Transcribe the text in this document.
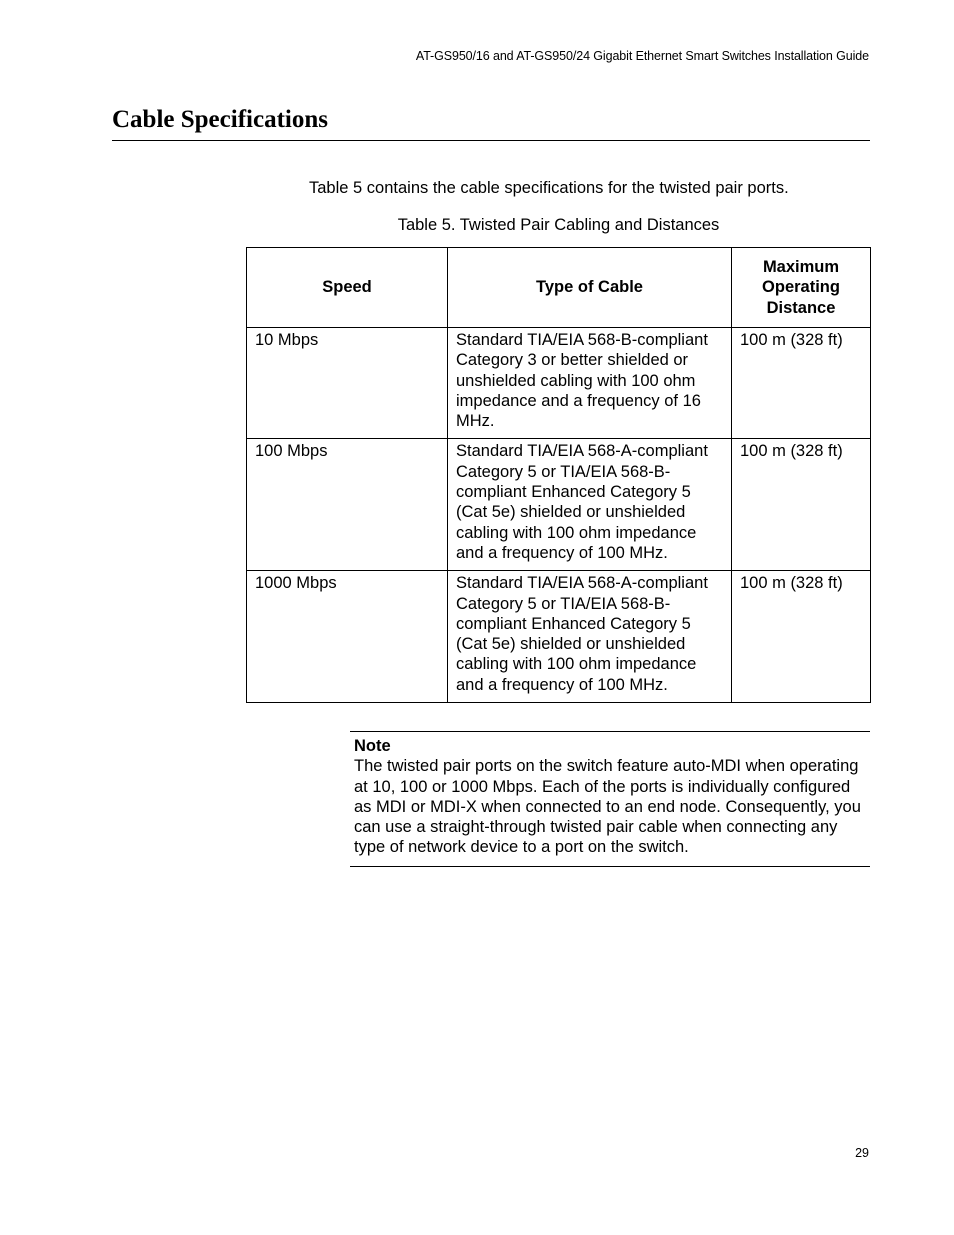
AT-GS950/16 and AT-GS950/24 Gigabit Ethernet Smart Switches Installation Guide
Cable Specifications

Table 5 contains the cable specifications for the twisted pair ports.

Table 5. Twisted Pair Cabling and Distances
Speed	Type of Cable	Maximum Operating Distance
10 Mbps	Standard TIA/EIA 568-B-compliant Category 3 or better shielded or unshielded cabling with 100 ohm impedance and a frequency of 16 MHz.	100 m (328 ft)
100 Mbps	Standard TIA/EIA 568-A-compliant Category 5 or TIA/EIA 568-B-compliant Enhanced Category 5 (Cat 5e) shielded or unshielded cabling with 100 ohm impedance and a frequency of 100 MHz.	100 m (328 ft)
1000 Mbps	Standard TIA/EIA 568-A-compliant Category 5 or TIA/EIA 568-B-compliant Enhanced Category 5 (Cat 5e) shielded or unshielded cabling with 100 ohm impedance and a frequency of 100 MHz.	100 m (328 ft)
Note
The twisted pair ports on the switch feature auto-MDI when operating at 10, 100 or 1000 Mbps. Each of the ports is individually configured as MDI or MDI-X when connected to an end node. Consequently, you can use a straight-through twisted pair cable when connecting any type of network device to a port on the switch.
29
